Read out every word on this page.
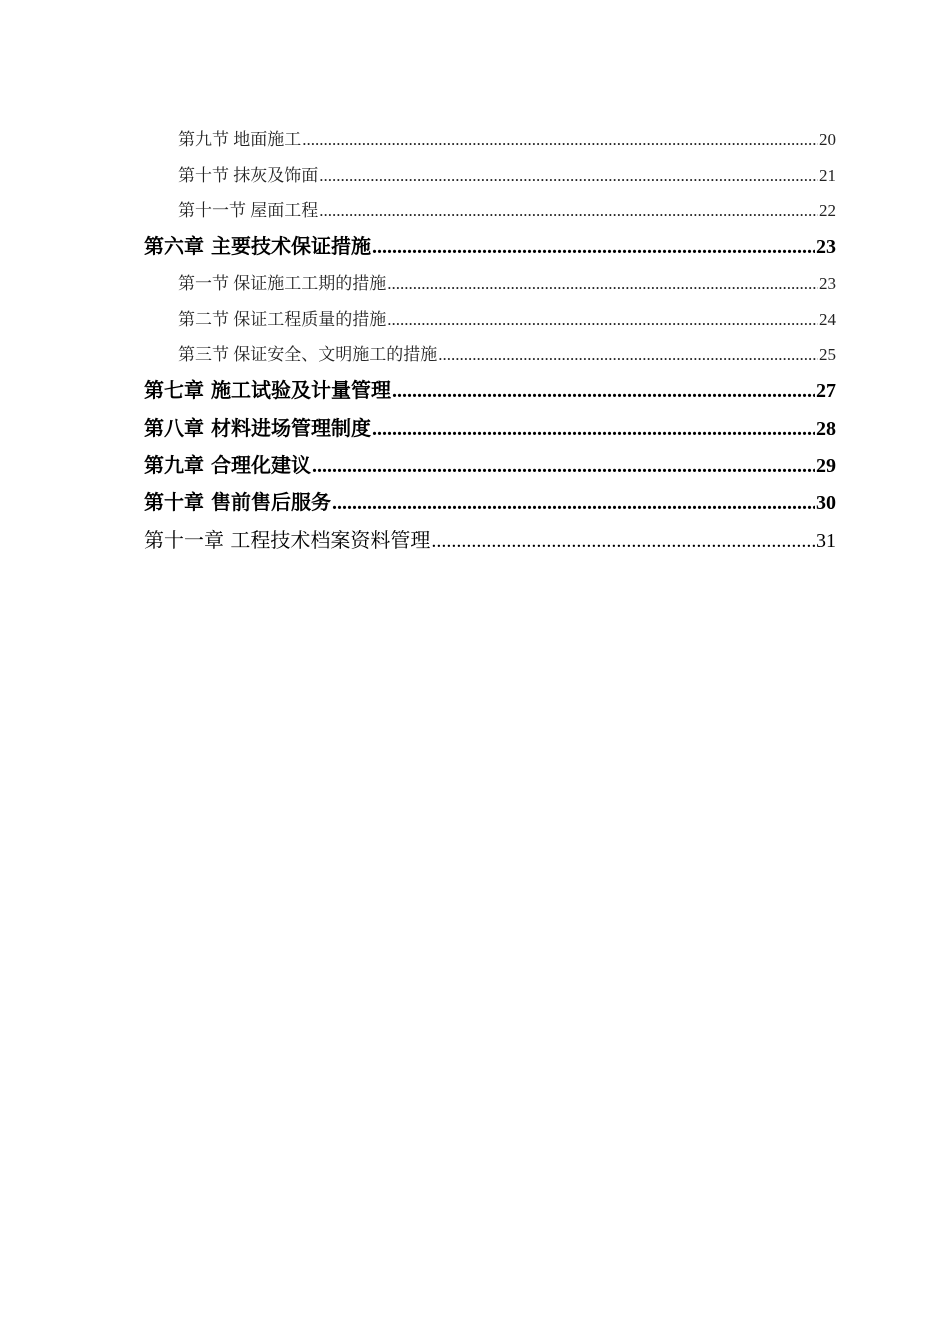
第九节 地面施工 .....	20
第十节 抹灰及饰面 .....	21
第十一节 屋面工程 .....	22
第六章 主要技术保证措施 .....	23
第一节 保证施工工期的措施 .....	23
第二节 保证工程质量的措施 .....	24
第三节 保证安全、文明施工的措施 .....	25
第七章 施工试验及计量管理 .....	27
第八章 材料进场管理制度 .....	28
第九章 合理化建议 .....	29
第十章 售前售后服务 .....	30
第十一章 工程技术档案资料管理 .....	31
